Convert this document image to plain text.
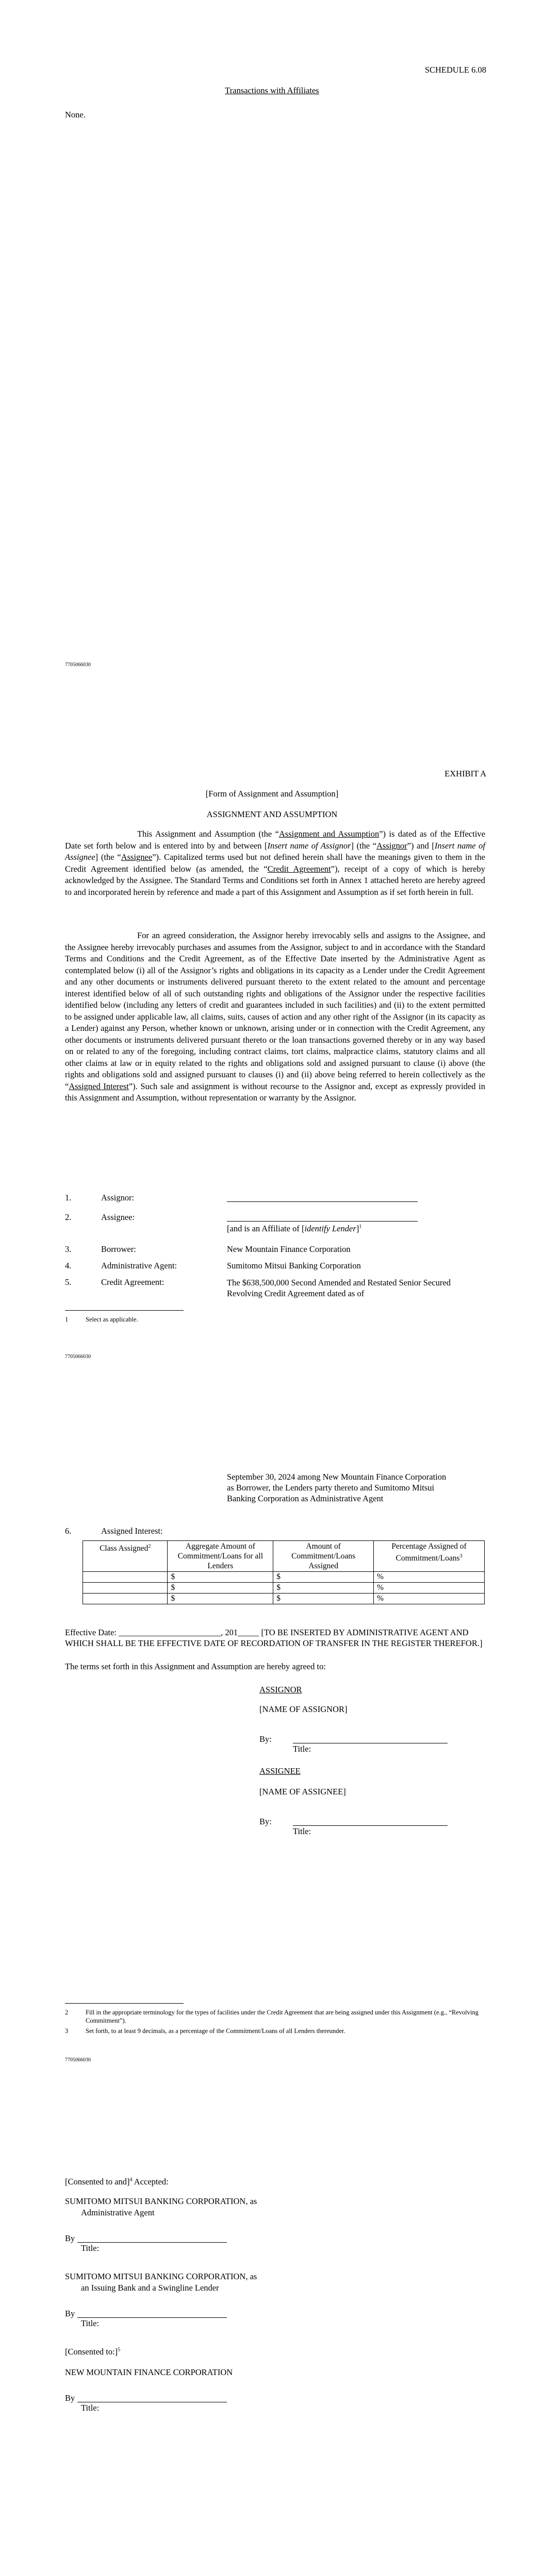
SCHEDULE 6.08
Transactions with Affiliates
None.
7705066030
EXHIBIT A
[Form of Assignment and Assumption]
ASSIGNMENT AND ASSUMPTION
This Assignment and Assumption (the “Assignment and Assumption”) is dated as of the Effective Date set forth below and is entered into by and between [Insert name of Assignor] (the “Assignor”) and [Insert name of Assignee] (the “Assignee”). Capitalized terms used but not defined herein shall have the meanings given to them in the Credit Agreement identified below (as amended, the “Credit Agreement”), receipt of a copy of which is hereby acknowledged by the Assignee. The Standard Terms and Conditions set forth in Annex 1 attached hereto are hereby agreed to and incorporated herein by reference and made a part of this Assignment and Assumption as if set forth herein in full.
For an agreed consideration, the Assignor hereby irrevocably sells and assigns to the Assignee, and the Assignee hereby irrevocably purchases and assumes from the Assignor, subject to and in accordance with the Standard Terms and Conditions and the Credit Agreement, as of the Effective Date inserted by the Administrative Agent as contemplated below (i) all of the Assignor’s rights and obligations in its capacity as a Lender under the Credit Agreement and any other documents or instruments delivered pursuant thereto to the extent related to the amount and percentage interest identified below of all of such outstanding rights and obligations of the Assignor under the respective facilities identified below (including any letters of credit and guarantees included in such facilities) and (ii) to the extent permitted to be assigned under applicable law, all claims, suits, causes of action and any other right of the Assignor (in its capacity as a Lender) against any Person, whether known or unknown, arising under or in connection with the Credit Agreement, any other documents or instruments delivered pursuant thereto or the loan transactions governed thereby or in any way based on or related to any of the foregoing, including contract claims, tort claims, malpractice claims, statutory claims and all other claims at law or in equity related to the rights and obligations sold and assigned pursuant to clause (i) above (the rights and obligations sold and assigned pursuant to clauses (i) and (ii) above being referred to herein collectively as the “Assigned Interest”). Such sale and assignment is without recourse to the Assignor and, except as expressly provided in this Assignment and Assumption, without representation or warranty by the Assignor.
1.	Assignor:
2.	Assignee:
[and is an Affiliate of [identify Lender]$^1$
3.	Borrower:	New Mountain Finance Corporation
4.	Administrative Agent:	Sumitomo Mitsui Banking Corporation
5.	Credit Agreement:	The $638,500,000 Second Amended and Restated Senior Secured Revolving Credit Agreement dated as of
1	Select as applicable.
7705066030
September 30, 2024 among New Mountain Finance Corporation as Borrower, the Lenders party thereto and Sumitomo Mitsui Banking Corporation as Administrative Agent
6.	Assigned Interest:
Class Assigned$^2$	Aggregate Amount of Commitment/Loans for all Lenders	Amount of Commitment/Loans Assigned	Percentage Assigned of Commitment/Loans$^3$
	$	$	%
	$	$	%
	$	$	%
Effective Date: ________________________, 201_____ [TO BE INSERTED BY ADMINISTRATIVE AGENT AND WHICH SHALL BE THE EFFECTIVE DATE OF RECORDATION OF TRANSFER IN THE REGISTER THEREFOR.]
The terms set forth in this Assignment and Assumption are hereby agreed to:
ASSIGNOR
[NAME OF ASSIGNOR]
By:
Title:
ASSIGNEE
[NAME OF ASSIGNEE]
By:
Title:
2	Fill in the appropriate terminology for the types of facilities under the Credit Agreement that are being assigned under this Assignment (e.g., “Revolving Commitment”).
3	Set forth, to at least 9 decimals, as a percentage of the Commitment/Loans of all Lenders thereunder.
7705066030
[Consented to and]$^4$ Accepted:
SUMITOMO MITSUI BANKING CORPORATION, as
Administrative Agent
By
Title:
SUMITOMO MITSUI BANKING CORPORATION, as
an Issuing Bank and a Swingline Lender
By
Title:
[Consented to:]$^5$
NEW MOUNTAIN FINANCE CORPORATION
By
Title:
